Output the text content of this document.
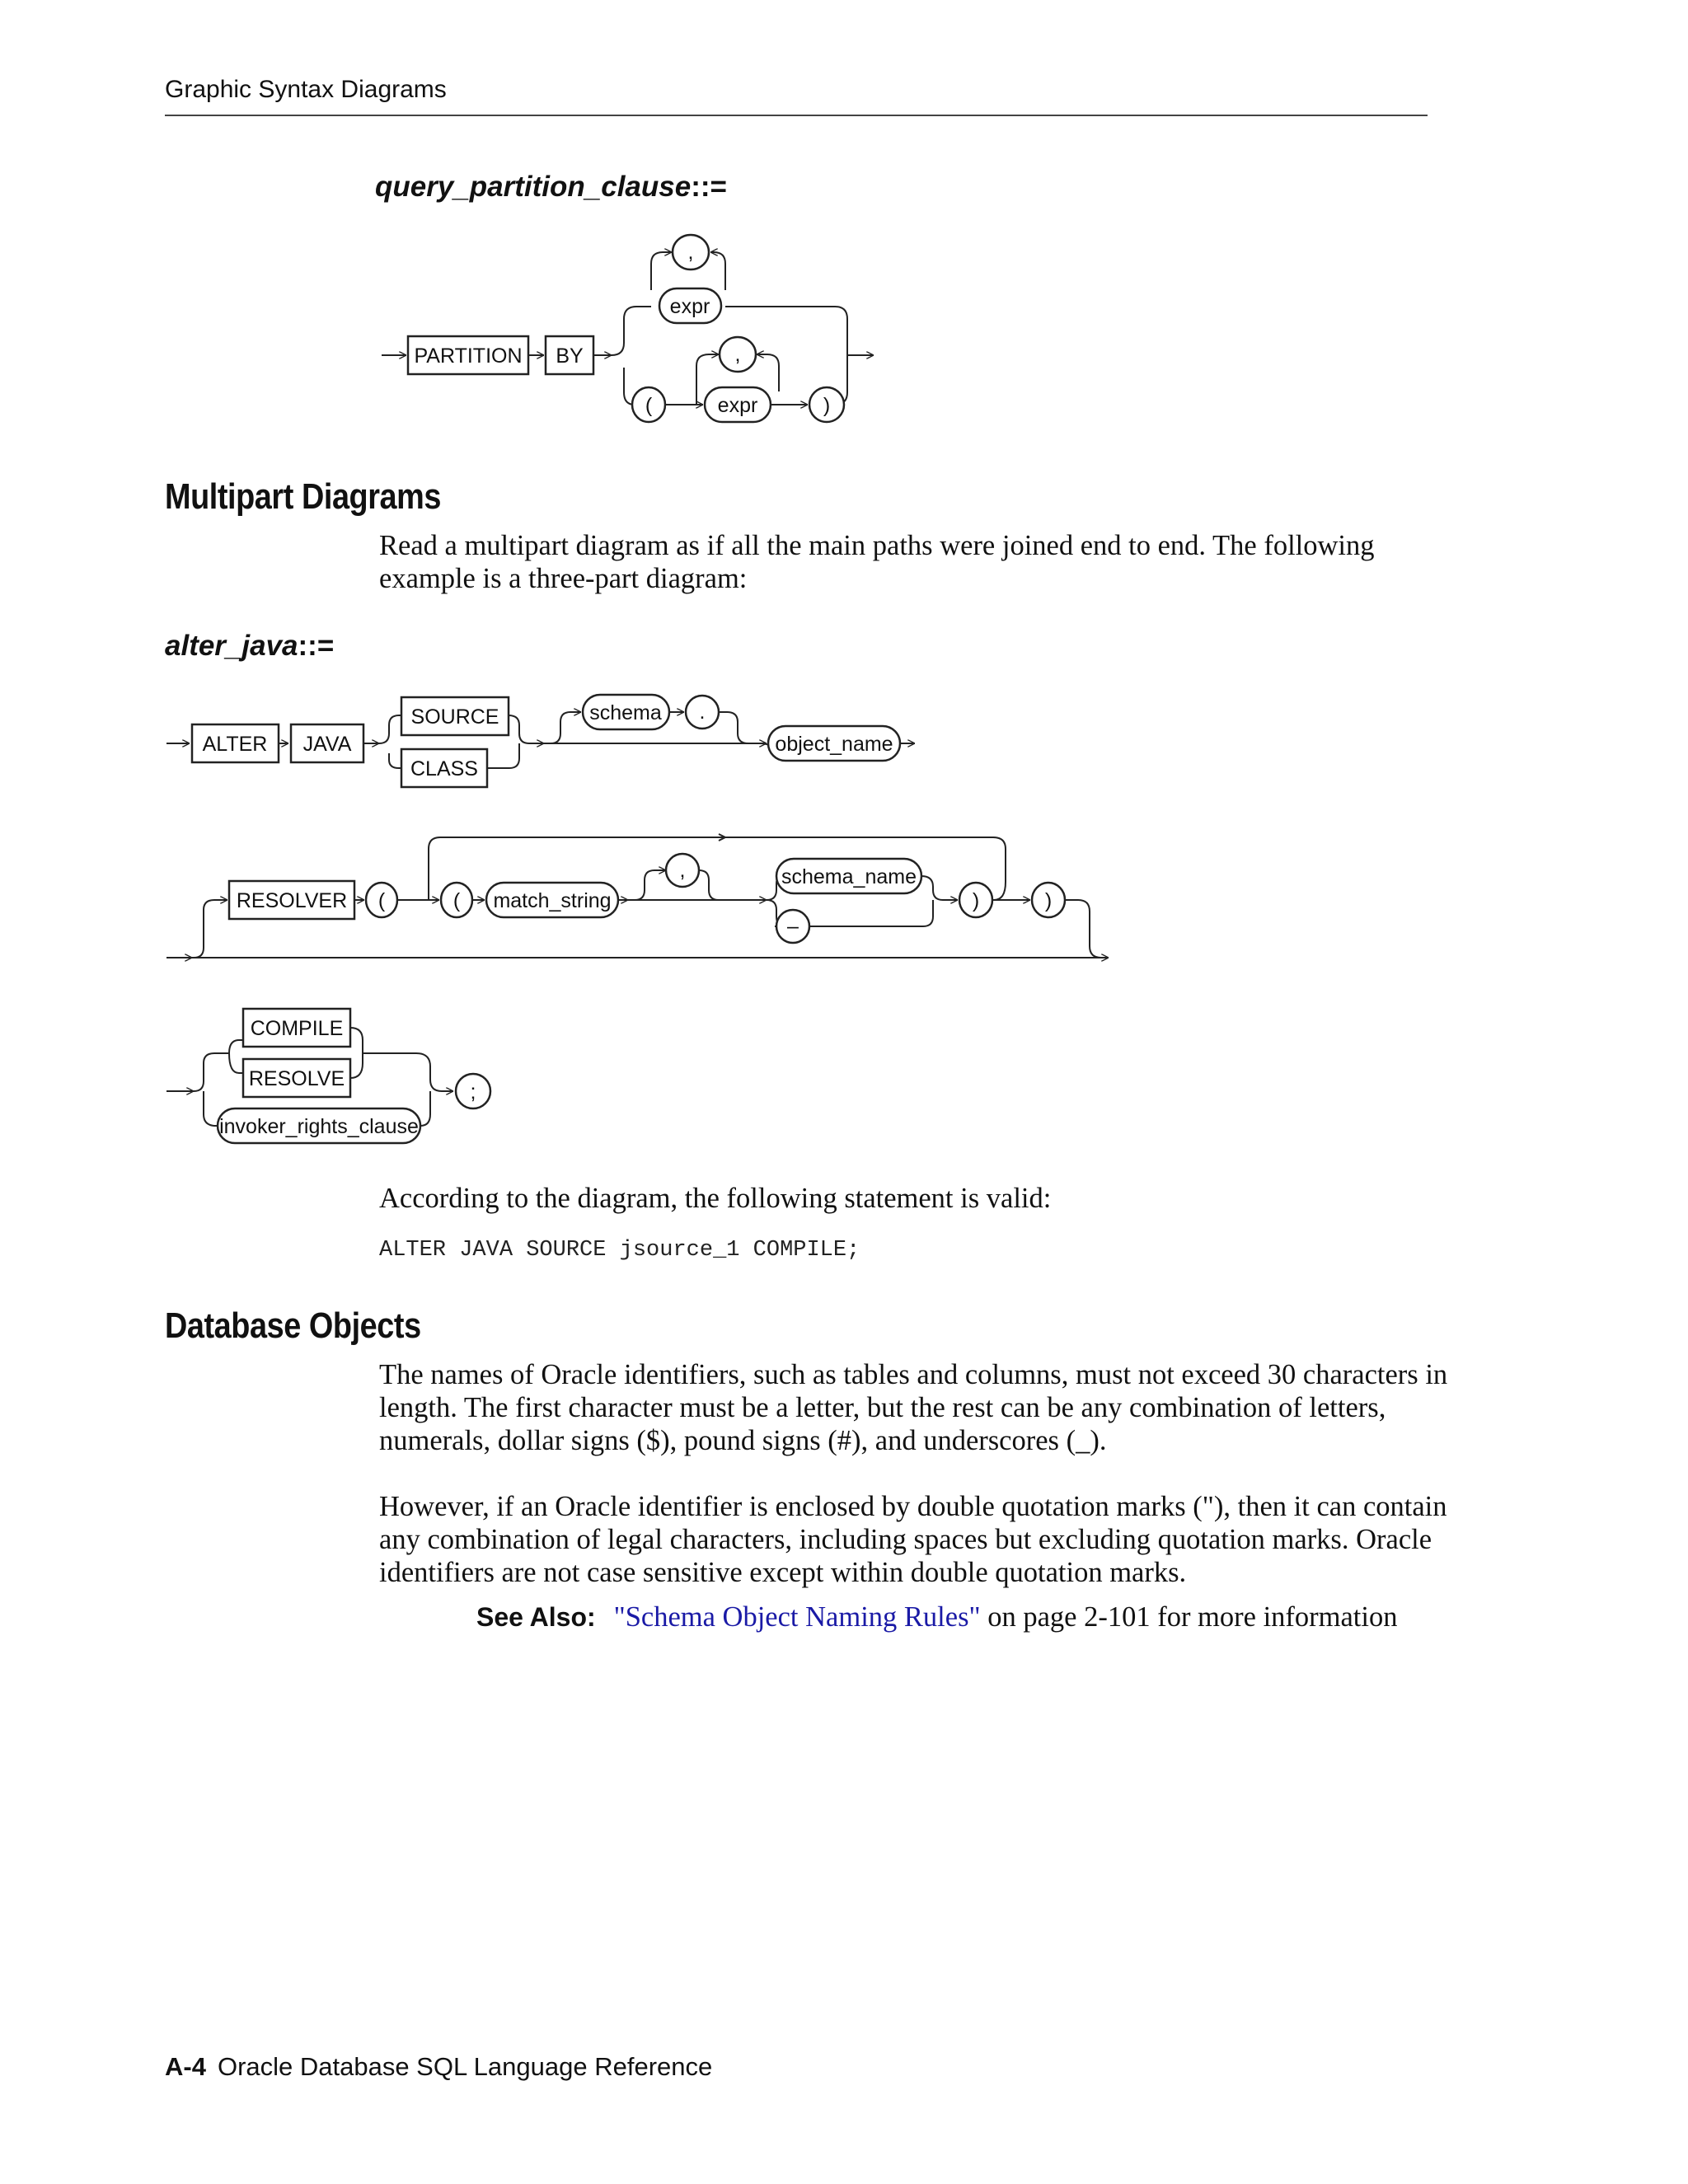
Graphic Syntax Diagrams
query_partition_clause::=
PARTITION BY
,
expr
(
,
expr	)
ALTER JAVA
SOURCE
CLASS
schema .
object_name
RESOLVER (	( match_string
,	schema_name
–
)	)
COMPILE
RESOLVE
invoker_rights_clause
;
Multipart Diagrams

Read a multipart diagram as if all the main paths were joined end to end. The following example is a three-part diagram:

alter_java::=

According to the diagram, the following statement is valid:

ALTER JAVA SOURCE jsource_1 COMPILE;
Database Objects

The names of Oracle identifiers, such as tables and columns, must not exceed 30 characters in length. The first character must be a letter, but the rest can be any combination of letters, numerals, dollar signs ($), pound signs (#), and underscores (_).

However, if an Oracle identifier is enclosed by double quotation marks ("), then it can contain any combination of legal characters, including spaces but excluding quotation marks. Oracle identifiers are not case sensitive except within double quotation marks.

See Also: "Schema Object Naming Rules" on page 2-101 for more information
A-4 Oracle Database SQL Language Reference
